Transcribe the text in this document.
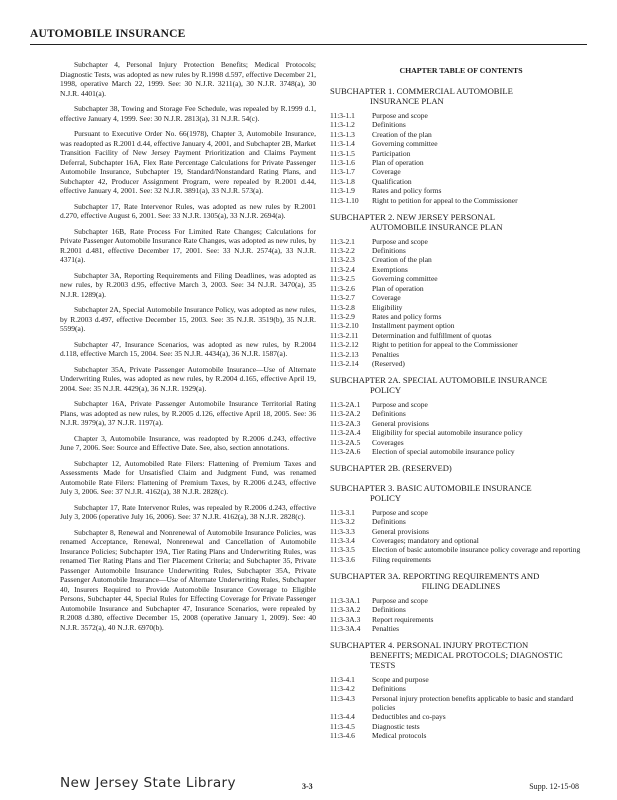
AUTOMOBILE INSURANCE

Subchapter 4, Personal Injury Protection Benefits; Medical Protocols; Diagnostic Tests, was adopted as new rules by R.1998 d.597, effective December 21, 1998, operative March 22, 1999. See: 30 N.J.R. 3211(a), 30 N.J.R. 3748(a), 30 N.J.R. 4401(a).

Subchapter 38, Towing and Storage Fee Schedule, was repealed by R.1999 d.1, effective January 4, 1999. See: 30 N.J.R. 2813(a), 31 N.J.R. 54(c).

Pursuant to Executive Order No. 66(1978), Chapter 3, Automobile Insurance, was readopted as R.2001 d.44, effective January 4, 2001, and Subchapter 2B, Market Transition Facility of New Jersey Payment Prioritization and Claims Payment Deferral, Subchapter 16A, Flex Rate Percentage Calculations for Private Passenger Automobile Insurance, Subchapter 19, Standard/Nonstandard Rating Plans, and Subchapter 42, Producer Assignment Program, were repealed by R.2001 d.44, effective January 4, 2001. See: 32 N.J.R. 3891(a), 33 N.J.R. 573(a).

Subchapter 17, Rate Intervenor Rules, was adopted as new rules by R.2001 d.270, effective August 6, 2001. See: 33 N.J.R. 1305(a), 33 N.J.R. 2694(a).

Subchapter 16B, Rate Process For Limited Rate Changes; Calculations for Private Passenger Automobile Insurance Rate Changes, was adopted as new rules, by R.2001 d.481, effective December 17, 2001. See: 33 N.J.R. 2574(a), 33 N.J.R. 4371(a).

Subchapter 3A, Reporting Requirements and Filing Deadlines, was adopted as new rules, by R.2003 d.95, effective March 3, 2003. See: 34 N.J.R. 3470(a), 35 N.J.R. 1289(a).

Subchapter 2A, Special Automobile Insurance Policy, was adopted as new rules, by R.2003 d.497, effective December 15, 2003. See: 35 N.J.R. 3519(b), 35 N.J.R. 5599(a).

Subchapter 47, Insurance Scenarios, was adopted as new rules, by R.2004 d.118, effective March 15, 2004. See: 35 N.J.R. 4434(a), 36 N.J.R. 1587(a).

Subchapter 35A, Private Passenger Automobile Insurance—Use of Alternate Underwriting Rules, was adopted as new rules, by R.2004 d.165, effective April 19, 2004. See: 35 N.J.R. 4429(a), 36 N.J.R. 1929(a).

Subchapter 16A, Private Passenger Automobile Insurance Territorial Rating Plans, was adopted as new rules, by R.2005 d.126, effective April 18, 2005. See: 36 N.J.R. 3979(a), 37 N.J.R. 1197(a).

Chapter 3, Automobile Insurance, was readopted by R.2006 d.243, effective June 7, 2006. See: Source and Effective Date. See, also, section annotations.

Subchapter 12, Automobiled Rate Filers: Flattening of Premium Taxes and Assessments Made for Unsatisfied Claim and Judgment Fund, was renamed Automobile Rate Filers: Flattening of Premium Taxes, by R.2006 d.243, effective July 3, 2006. See: 37 N.J.R. 4162(a), 38 N.J.R. 2828(c).

Subchapter 17, Rate Intervenor Rules, was repealed by R.2006 d.243, effective July 3, 2006 (operative July 16, 2006). See: 37 N.J.R. 4162(a), 38 N.J.R. 2828(c).

Subchapter 8, Renewal and Nonrenewal of Automobile Insurance Policies, was renamed Acceptance, Renewal, Nonrenewal and Cancellation of Automobile Insurance Policies; Subchapter 19A, Tier Rating Plans and Underwriting Rules, was renamed Tier Rating Plans and Tier Placement Criteria; and Subchapter 35, Private Passenger Automobile Insurance Underwriting Rules, Subchapter 35A, Private Passenger Automobile Insurance—Use of Alternate Underwriting Rules, Subchapter 40, Insurers Required to Provide Automobile Insurance Coverage to Eligible Persons, Subchapter 44, Special Rules for Effecting Coverage for Private Passenger Automobile Insurance and Subchapter 47, Insurance Scenarios, were repealed by R.2008 d.380, effective December 15, 2008 (operative January 1, 2009). See: 40 N.J.R. 3572(a), 40 N.J.R. 6970(b).

CHAPTER TABLE OF CONTENTS
SUBCHAPTER 1. COMMERCIAL AUTOMOBILE
INSURANCE PLAN
11:3-1.1	Purpose and scope
11:3-1.2	Definitions
11:3-1.3	Creation of the plan
11:3-1.4	Governing committee
11:3-1.5	Participation
11:3-1.6	Plan of operation
11:3-1.7	Coverage
11:3-1.8	Qualification
11:3-1.9	Rates and policy forms
11:3-1.10	Right to petition for appeal to the Commissioner
SUBCHAPTER 2. NEW JERSEY PERSONAL
AUTOMOBILE INSURANCE PLAN
11:3-2.1	Purpose and scope
11:3-2.2	Definitions
11:3-2.3	Creation of the plan
11:3-2.4	Exemptions
11:3-2.5	Governing committee
11:3-2.6	Plan of operation
11:3-2.7	Coverage
11:3-2.8	Eligibility
11:3-2.9	Rates and policy forms
11:3-2.10	Installment payment option
11:3-2.11	Determination and fulfillment of quotas
11:3-2.12	Right to petition for appeal to the Commissioner
11:3-2.13	Penalties
11:3-2.14	(Reserved)
SUBCHAPTER 2A. SPECIAL AUTOMOBILE INSURANCE
POLICY
11:3-2A.1	Purpose and scope
11:3-2A.2	Definitions
11:3-2A.3	General provisions
11:3-2A.4	Eligibility for special automobile insurance policy
11:3-2A.5	Coverages
11:3-2A.6	Election of special automobile insurance policy
SUBCHAPTER 2B. (RESERVED)
SUBCHAPTER 3. BASIC AUTOMOBILE INSURANCE
POLICY
11:3-3.1	Purpose and scope
11:3-3.2	Definitions
11:3-3.3	General provisions
11:3-3.4	Coverages; mandatory and optional
11:3-3.5	Election of basic automobile insurance policy coverage and reporting
11:3-3.6	Filing requirements
SUBCHAPTER 3A. REPORTING REQUIREMENTS AND
FILING DEADLINES
11:3-3A.1	Purpose and scope
11:3-3A.2	Definitions
11:3-3A.3	Report requirements
11:3-3A.4	Penalties
SUBCHAPTER 4. PERSONAL INJURY PROTECTION
BENEFITS; MEDICAL PROTOCOLS; DIAGNOSTIC
TESTS
11:3-4.1	Scope and purpose
11:3-4.2	Definitions
11:3-4.3	Personal injury protection benefits applicable to basic and standard policies
11:3-4.4	Deductibles and co-pays
11:3-4.5	Diagnostic tests
11:3-4.6	Medical protocols
New Jersey State Library	3-3	Supp. 12-15-08
